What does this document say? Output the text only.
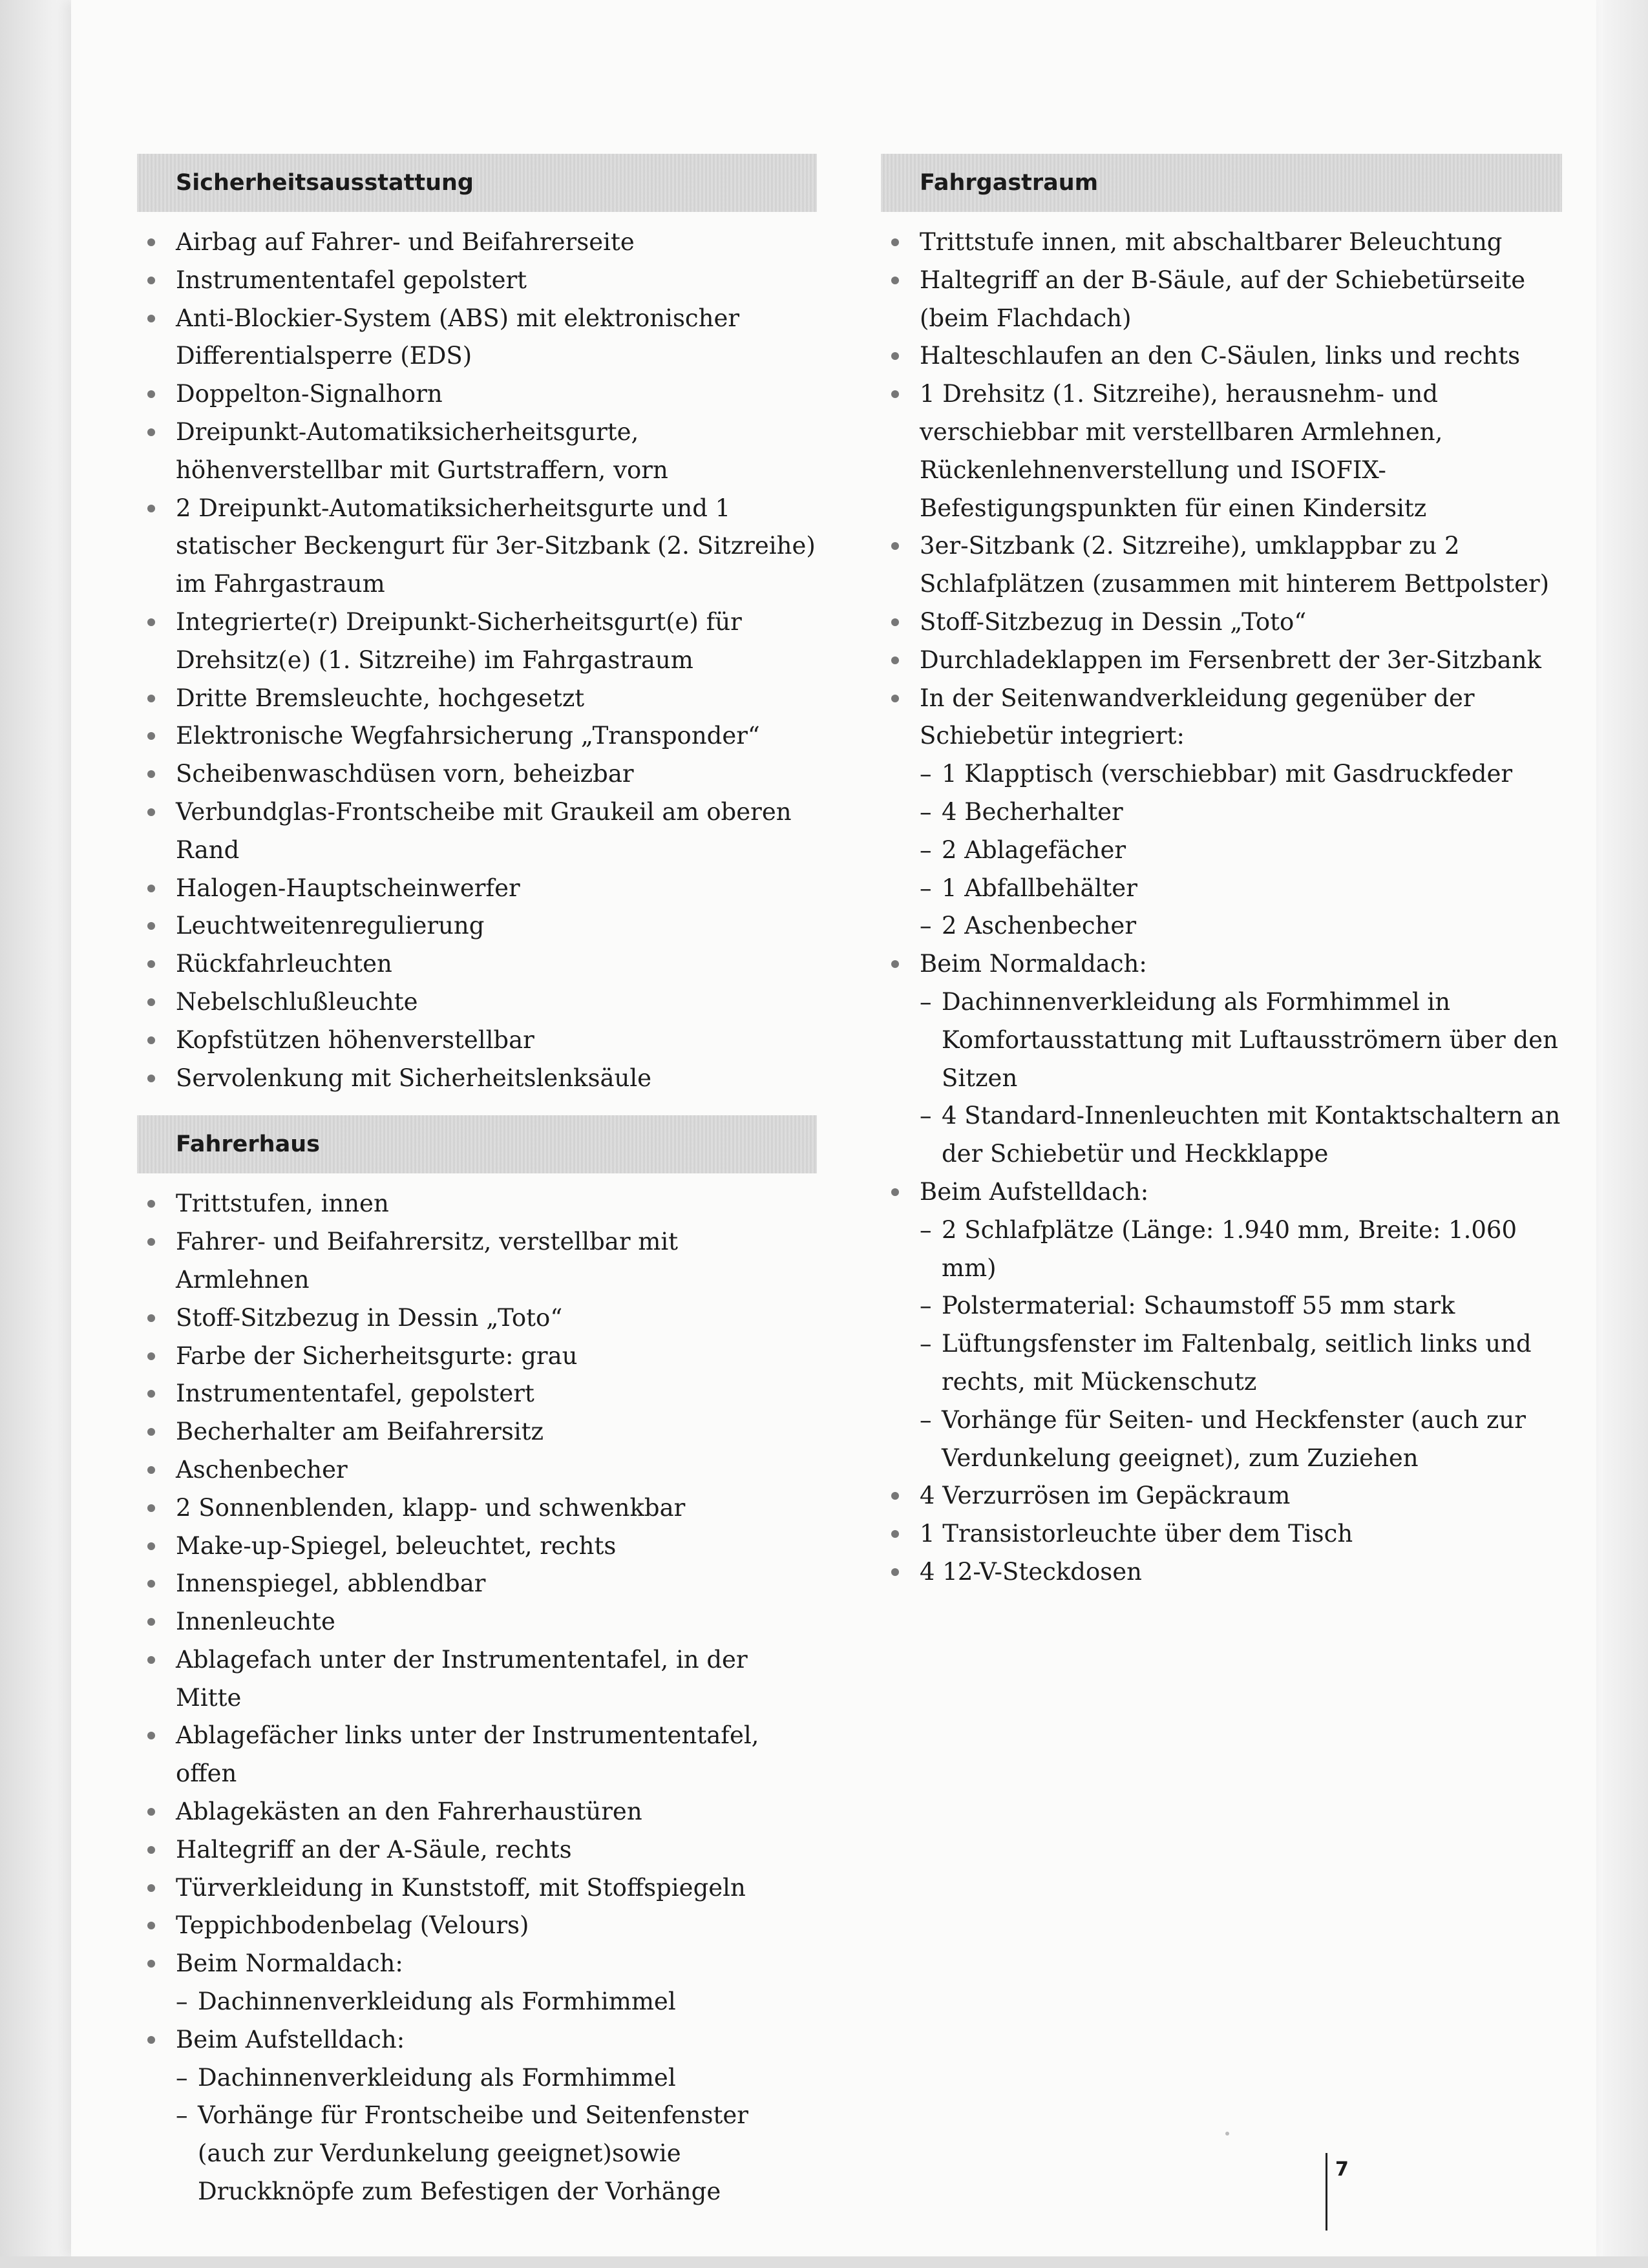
Sicherheitsausstattung
Airbag auf Fahrer- und Beifahrerseite
Instrumententafel gepolstert
Anti-Blockier-System (ABS) mit elektronischer Differentialsperre (EDS)
Doppelton-Signalhorn
Dreipunkt-Automatiksicherheitsgurte, höhenverstellbar mit Gurtstraffern, vorn
2 Dreipunkt-Automatiksicherheitsgurte und 1 statischer Beckengurt für 3er-Sitzbank (2. Sitzreihe) im Fahrgastraum
Integrierte(r) Dreipunkt-Sicherheitsgurt(e) für Drehsitz(e) (1. Sitzreihe) im Fahrgastraum
Dritte Bremsleuchte, hochgesetzt
Elektronische Wegfahrsicherung „Transponder“
Scheibenwaschdüsen vorn, beheizbar
Verbundglas-Frontscheibe mit Graukeil am oberen Rand
Halogen-Hauptscheinwerfer
Leuchtweitenregulierung
Rückfahrleuchten
Nebelschlußleuchte
Kopfstützen höhenverstellbar
Servolenkung mit Sicherheitslenksäule
Fahrerhaus
Trittstufen, innen
Fahrer- und Beifahrersitz, verstellbar mit Armlehnen
Stoff-Sitzbezug in Dessin „Toto“
Farbe der Sicherheitsgurte: grau
Instrumententafel, gepolstert
Becherhalter am Beifahrersitz
Aschenbecher
2 Sonnenblenden, klapp- und schwenkbar
Make-up-Spiegel, beleuchtet, rechts
Innenspiegel, abblendbar
Innenleuchte
Ablagefach unter der Instrumententafel, in der Mitte
Ablagefächer links unter der Instrumententafel, offen
Ablagekästen an den Fahrerhaustüren
Haltegriff an der A-Säule, rechts
Türverkleidung in Kunststoff, mit Stoffspiegeln
Teppichbodenbelag (Velours)
Beim Normaldach:
– Dachinnenverkleidung als Formhimmel
Beim Aufstelldach:
– Dachinnenverkleidung als Formhimmel
– Vorhänge für Frontscheibe und Seitenfenster (auch zur Verdunkelung geeignet)sowie Druckknöpfe zum Befestigen der Vorhänge
Fahrgastraum
Trittstufe innen, mit abschaltbarer Beleuchtung
Haltegriff an der B-Säule, auf der Schiebetürseite (beim Flachdach)
Halteschlaufen an den C-Säulen, links und rechts
1 Drehsitz (1. Sitzreihe), herausnehm- und verschiebbar mit verstellbaren Armlehnen, Rückenlehnenverstellung und ISOFIX-Befestigungspunkten für einen Kindersitz
3er-Sitzbank (2. Sitzreihe), umklappbar zu 2 Schlafplätzen (zusammen mit hinterem Bettpolster)
Stoff-Sitzbezug in Dessin „Toto“
Durchladeklappen im Fersenbrett der 3er-Sitzbank
In der Seitenwandverkleidung gegenüber der Schiebetür integriert:
– 1 Klapptisch (verschiebbar) mit Gasdruckfeder
– 4 Becherhalter
– 2 Ablagefächer
– 1 Abfallbehälter
– 2 Aschenbecher
Beim Normaldach:
– Dachinnenverkleidung als Formhimmel in Komfortausstattung mit Luftausströmern über den Sitzen
– 4 Standard-Innenleuchten mit Kontaktschaltern an der Schiebetür und Heckklappe
Beim Aufstelldach:
– 2 Schlafplätze (Länge: 1.940 mm, Breite: 1.060 mm)
– Polstermaterial: Schaumstoff 55 mm stark
– Lüftungsfenster im Faltenbalg, seitlich links und rechts, mit Mückenschutz
– Vorhänge für Seiten- und Heckfenster (auch zur Verdunkelung geeignet), zum Zuziehen
4 Verzurrösen im Gepäckraum
1 Transistorleuchte über dem Tisch
4 12-V-Steckdosen
7
